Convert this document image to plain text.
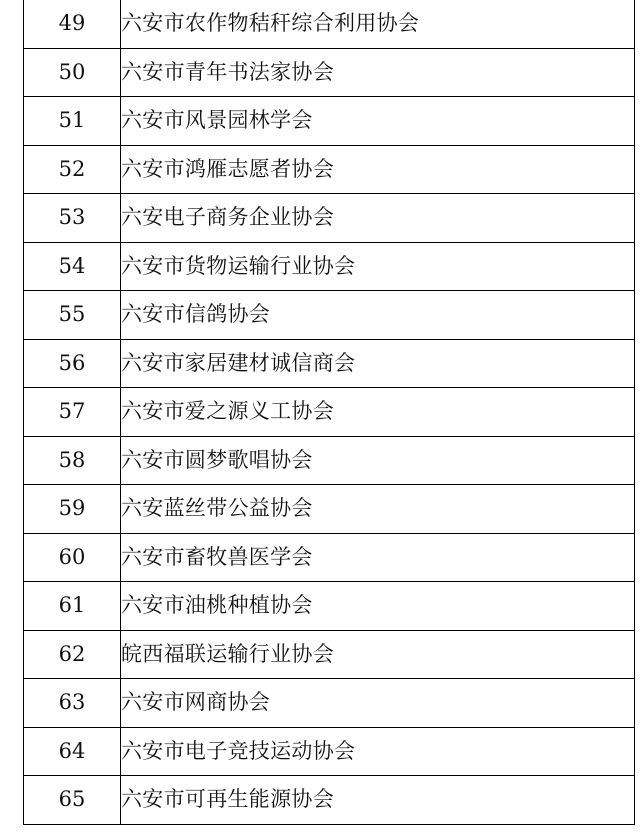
49	六安市农作物秸秆综合利用协会
50	六安市青年书法家协会
51	六安市风景园林学会
52	六安市鸿雁志愿者协会
53	六安电子商务企业协会
54	六安市货物运输行业协会
55	六安市信鸽协会
56	六安市家居建材诚信商会
57	六安市爱之源义工协会
58	六安市圆梦歌唱协会
59	六安蓝丝带公益协会
60	六安市畜牧兽医学会
61	六安市油桃种植协会
62	皖西福联运输行业协会
63	六安市网商协会
64	六安市电子竞技运动协会
65	六安市可再生能源协会
